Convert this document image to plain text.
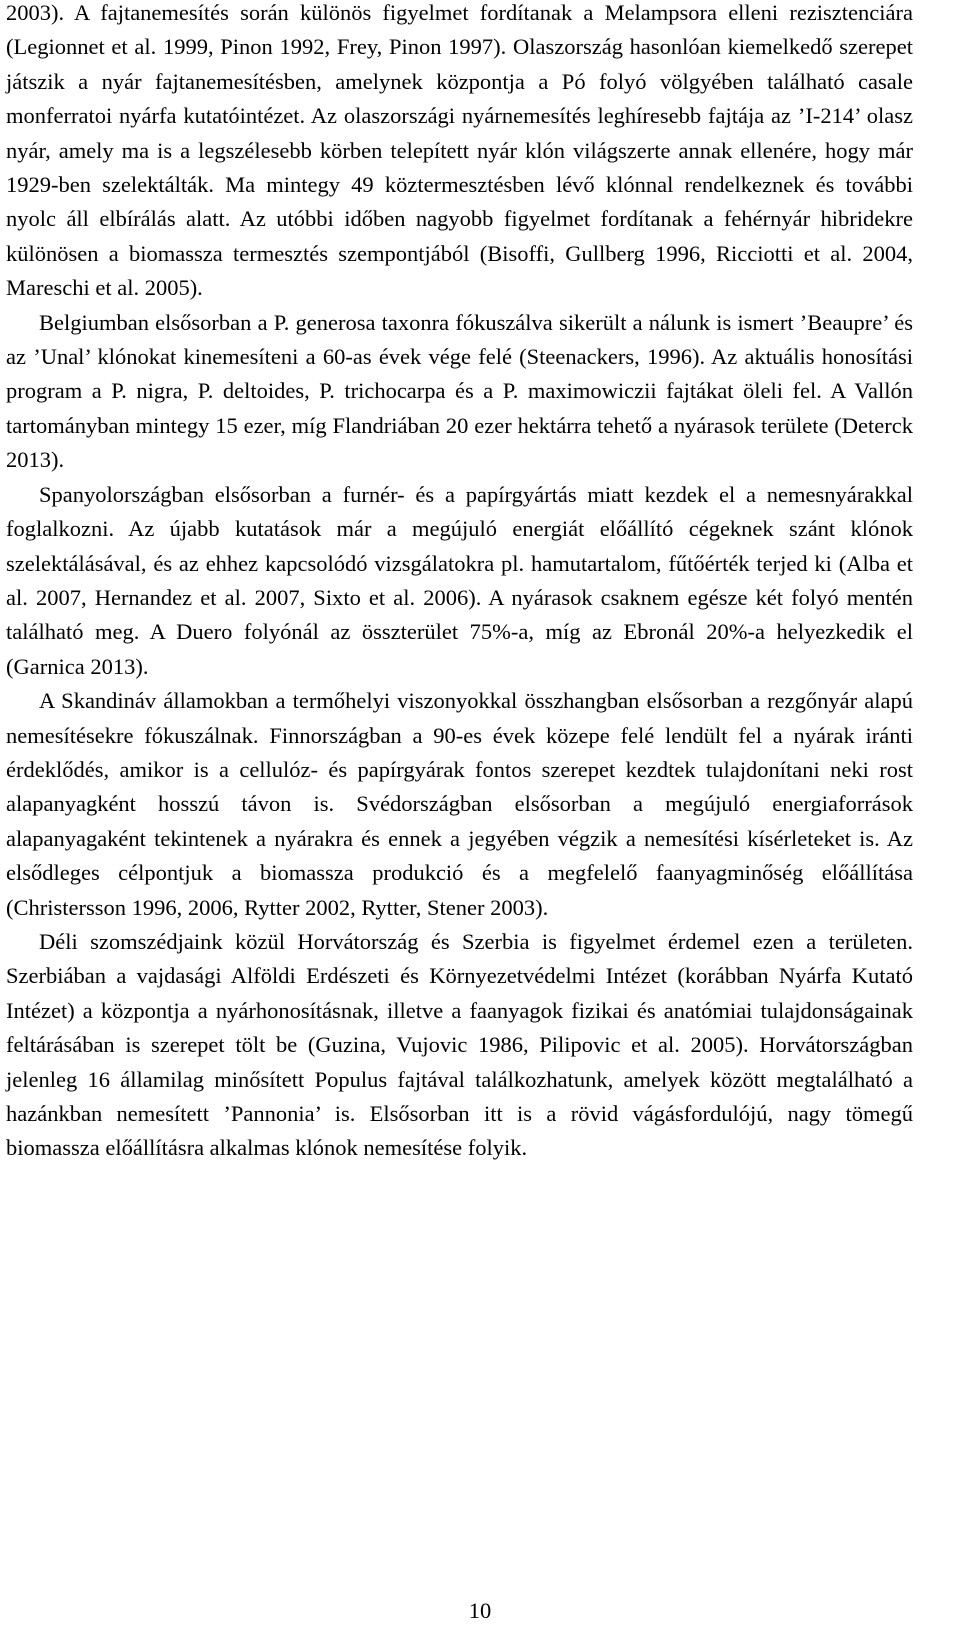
2003). A fajtanemesítés során különös figyelmet fordítanak a Melampsora elleni rezisztenciára (Legionnet et al. 1999, Pinon 1992, Frey, Pinon 1997). Olaszország hasonlóan kiemelkedő szerepet játszik a nyár fajtanemesítésben, amelynek központja a Pó folyó völgyében található casale monferratoi nyárfa kutatóintézet. Az olaszországi nyárnemesítés leghíresebb fajtája az ’I-214’ olasz nyár, amely ma is a legszélesebb körben telepített nyár klón világszerte annak ellenére, hogy már 1929-ben szelektálták. Ma mintegy 49 köztermesztésben lévő klónnal rendelkeznek és további nyolc áll elbírálás alatt. Az utóbbi időben nagyobb figyelmet fordítanak a fehérnyár hibridekre különösen a biomassza termesztés szempontjából (Bisoffi, Gullberg 1996, Ricciotti et al. 2004, Mareschi et al. 2005).

Belgiumban elsősorban a P. generosa taxonra fókuszálva sikerült a nálunk is ismert ’Beaupre’ és az ’Unal’ klónokat kinemesíteni a 60-as évek vége felé (Steenackers, 1996). Az aktuális honosítási program a P. nigra, P. deltoides, P. trichocarpa és a P. maximowiczii fajtákat öleli fel. A Vallón tartományban mintegy 15 ezer, míg Flandriában 20 ezer hektárra tehető a nyárasok területe (Deterck 2013).

Spanyolországban elsősorban a furnér- és a papírgyártás miatt kezdek el a nemesnyárakkal foglalkozni. Az újabb kutatások már a megújuló energiát előállító cégeknek szánt klónok szelektálásával, és az ehhez kapcsolódó vizsgálatokra pl. hamutartalom, fűtőérték terjed ki (Alba et al. 2007, Hernandez et al. 2007, Sixto et al. 2006). A nyárasok csaknem egésze két folyó mentén található meg. A Duero folyónál az összterület 75%-a, míg az Ebronál 20%-a helyezkedik el (Garnica 2013).

A Skandináv államokban a termőhelyi viszonyokkal összhangban elsősorban a rezgőnyár alapú nemesítésekre fókuszálnak. Finnországban a 90-es évek közepe felé lendült fel a nyárak iránti érdeklődés, amikor is a cellulóz- és papírgyárak fontos szerepet kezdtek tulajdonítani neki rost alapanyagként hosszú távon is. Svédországban elsősorban a megújuló energiaforrások alapanyagaként tekintenek a nyárakra és ennek a jegyében végzik a nemesítési kísérleteket is. Az elsődleges célpontjuk a biomassza produkció és a megfelelő faanyagminőség előállítása (Christersson 1996, 2006, Rytter 2002, Rytter, Stener 2003).

Déli szomszédjaink közül Horvátország és Szerbia is figyelmet érdemel ezen a területen. Szerbiában a vajdasági Alföldi Erdészeti és Környezetvédelmi Intézet (korábban Nyárfa Kutató Intézet) a központja a nyárhonosításnak, illetve a faanyagok fizikai és anatómiai tulajdonságainak feltárásában is szerepet tölt be (Guzina, Vujovic 1986, Pilipovic et al. 2005). Horvátországban jelenleg 16 államilag minősített Populus fajtával találkozhatunk, amelyek között megtalálható a hazánkban nemesített ’Pannonia’ is. Elsősorban itt is a rövid vágásfordulójú, nagy tömegű biomassza előállításra alkalmas klónok nemesítése folyik.

10
